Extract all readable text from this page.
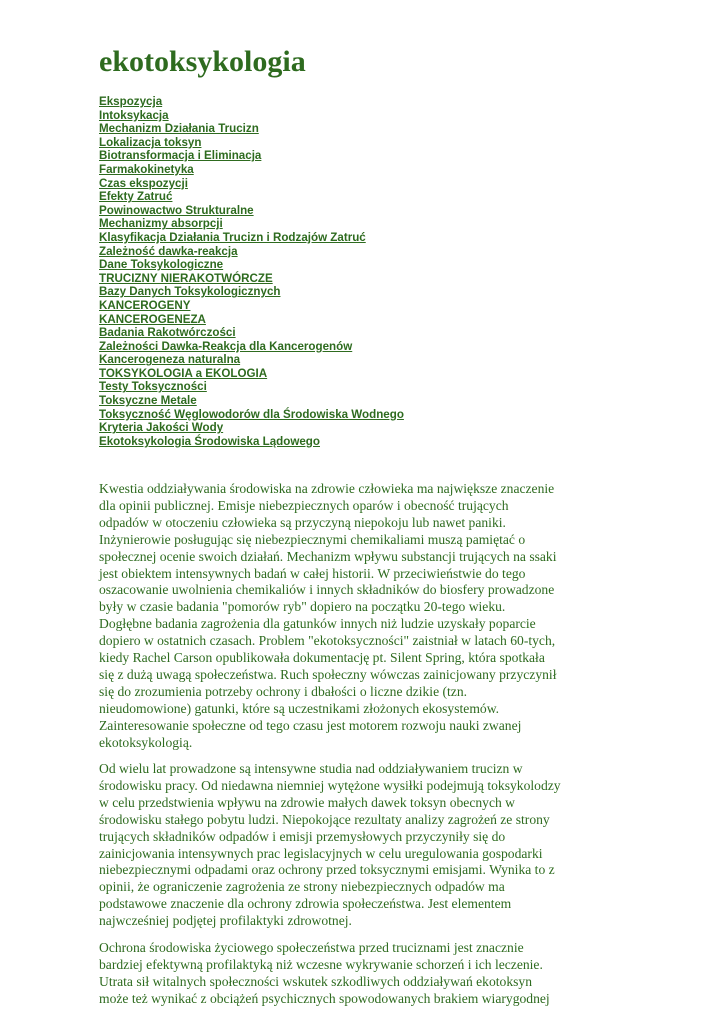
ekotoksykologia
Ekspozycja
Intoksykacja
Mechanizm Działania Trucizn
Lokalizacja toksyn
Biotransformacja i Eliminacja
Farmakokinetyka
Czas ekspozycji
Efekty Zatruć
Powinowactwo Strukturalne
Mechanizmy absorpcji
Klasyfikacja Działania Trucizn i Rodzajów Zatruć
Zależność dawka-reakcja
Dane Toksykologiczne
TRUCIZNY NIERAKOTWÓRCZE
Bazy Danych Toksykologicznych
KANCEROGENY
KANCEROGENEZA
Badania Rakotwórczości
Zależności Dawka-Reakcja dla Kancerogenów
Kancerogeneza naturalna
TOKSYKOLOGIA a EKOLOGIA
Testy Toksyczności
Toksyczne Metale
Toksyczność Węglowodorów dla Środowiska Wodnego
Kryteria Jakości Wody
Ekotoksykologia Środowiska Lądowego
Kwestia oddziaływania środowiska na zdrowie człowieka ma największe znaczenie
dla opinii publicznej. Emisje niebezpiecznych oparów i obecność trujących
odpadów w otoczeniu człowieka są przyczyną niepokoju lub nawet paniki.
Inżynierowie posługując się niebezpiecznymi chemikaliami muszą pamiętać o
społecznej ocenie swoich działań. Mechanizm wpływu substancji trujących na ssaki
jest obiektem intensywnych badań w całej historii. W przeciwieństwie do tego
oszacowanie uwolnienia chemikaliów i innych składników do biosfery prowadzone
były w czasie badania "pomorów ryb" dopiero na początku 20-tego wieku.
Dogłębne badania zagrożenia dla gatunków innych niż ludzie uzyskały poparcie
dopiero w ostatnich czasach. Problem "ekotoksyczności" zaistniał w latach 60-tych,
kiedy Rachel Carson opublikowała dokumentację pt. Silent Spring, która spotkała
się z dużą uwagą społeczeństwa. Ruch społeczny wówczas zainicjowany przyczynił
się do zrozumienia potrzeby ochrony i dbałości o liczne dzikie (tzn.
nieudomowione) gatunki, które są uczestnikami złożonych ekosystemów.
Zainteresowanie społeczne od tego czasu jest motorem rozwoju nauki zwanej
ekotoksykologią.
Od wielu lat prowadzone są intensywne studia nad oddziaływaniem trucizn w
środowisku pracy. Od niedawna niemniej wytężone wysiłki podejmują toksykolodzy
w celu przedstwienia wpływu na zdrowie małych dawek toksyn obecnych w
środowisku stałego pobytu ludzi. Niepokojące rezultaty analizy zagrożeń ze strony
trujących składników odpadów i emisji przemysłowych przyczyniły się do
zainicjowania intensywnych prac legislacyjnych w celu uregulowania gospodarki
niebezpiecznymi odpadami oraz ochrony przed toksycznymi emisjami. Wynika to z
opinii, że ograniczenie zagrożenia ze strony niebezpiecznych odpadów ma
podstawowe znaczenie dla ochrony zdrowia społeczeństwa. Jest elementem
najwcześniej podjętej profilaktyki zdrowotnej.
Ochrona środowiska życiowego społeczeństwa przed truciznami jest znacznie
bardziej efektywną profilaktyką niż wczesne wykrywanie schorzeń i ich leczenie.
Utrata sił witalnych społeczności wskutek szkodliwych oddziaływań ekotoksyn
może też wynikać z obciążeń psychicznych spowodowanych brakiem wiarygodnej
